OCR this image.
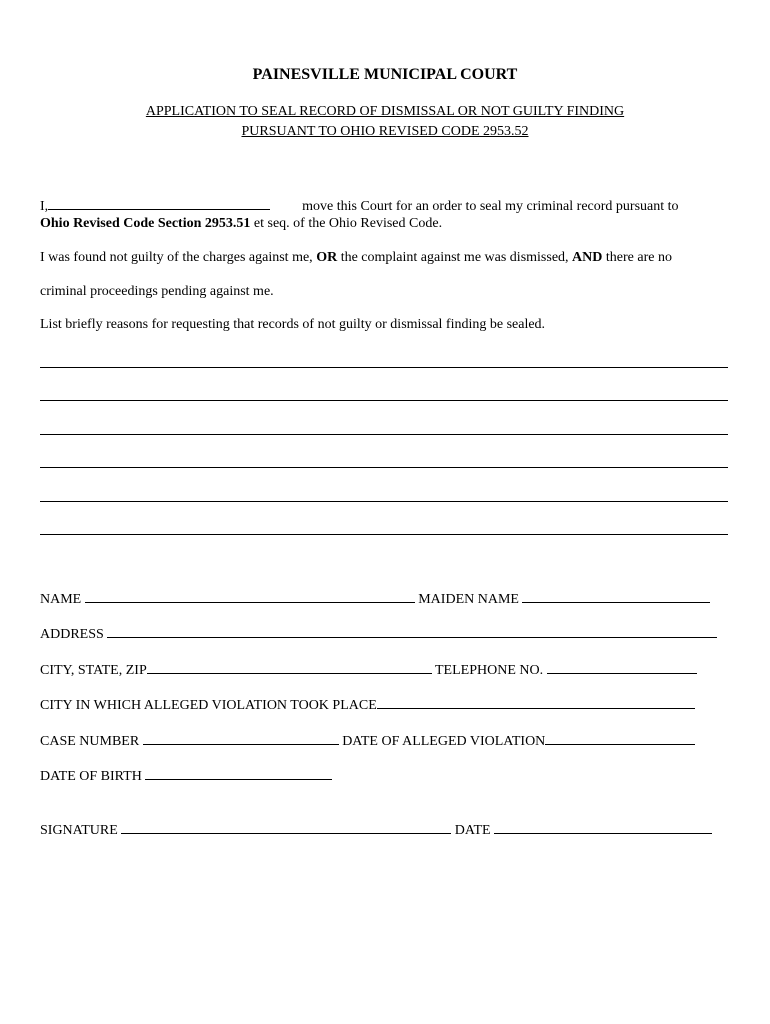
PAINESVILLE MUNICIPAL COURT
APPLICATION TO SEAL RECORD OF DISMISSAL OR NOT GUILTY FINDING
PURSUANT TO OHIO REVISED CODE 2953.52
I,	move this Court for an order to seal my criminal record pursuant to
Ohio Revised Code Section 2953.51 et seq. of the Ohio Revised Code.
I was found not guilty of the charges against me, OR the complaint against me was dismissed, AND there are no
criminal proceedings pending against me.
List briefly reasons for requesting that records of not guilty or dismissal finding be sealed.
NAME	MAIDEN NAME
ADDRESS
CITY, STATE, ZIP	TELEPHONE NO.
CITY IN WHICH ALLEGED VIOLATION TOOK PLACE
CASE NUMBER	DATE OF ALLEGED VIOLATION
DATE OF BIRTH
SIGNATURE	DATE
